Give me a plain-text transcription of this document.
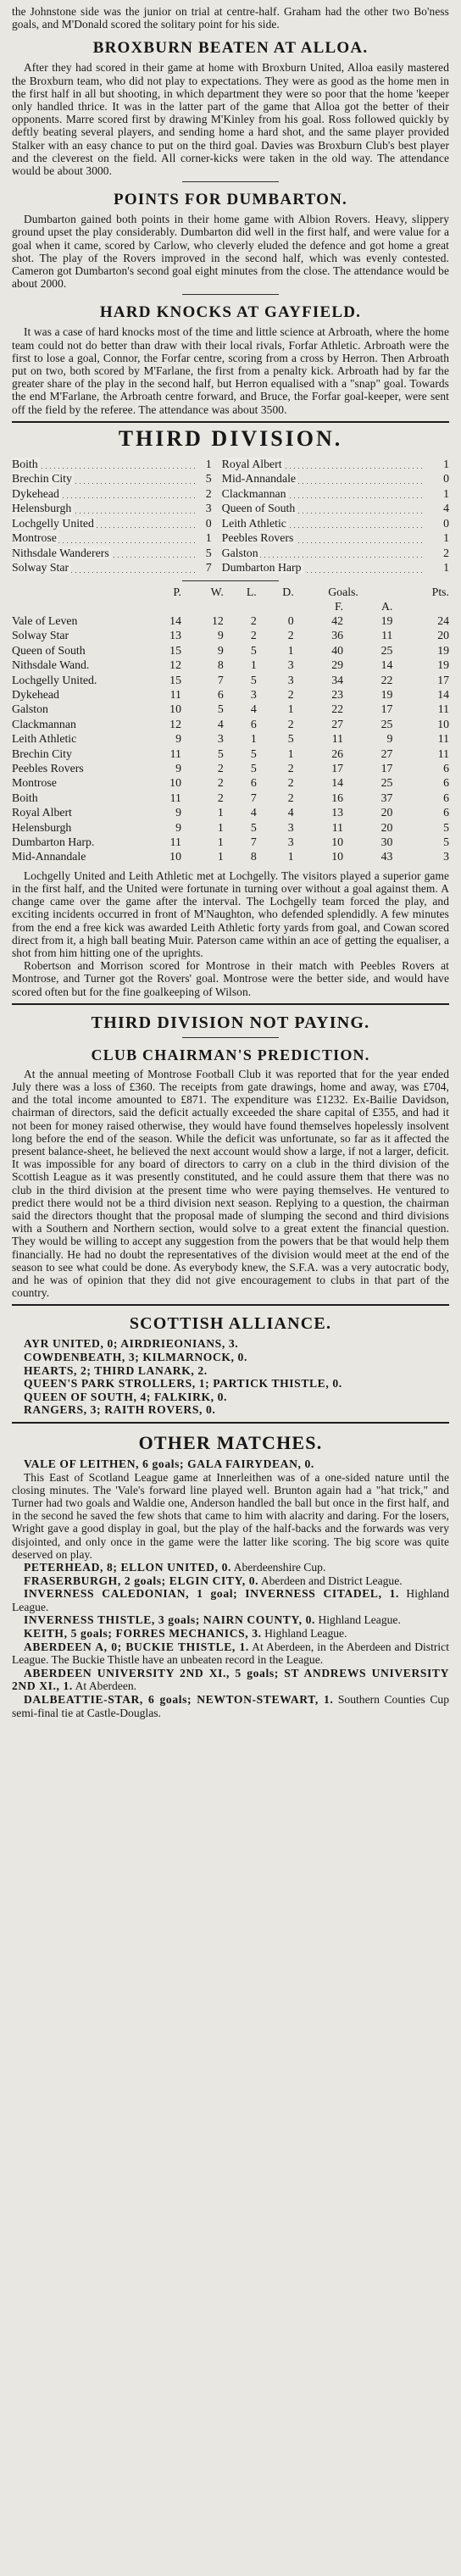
the Johnstone side was the junior on trial at centre-half. Graham had the other two Bo'ness goals, and M'Donald scored the solitary point for his side.

BROXBURN BEATEN AT ALLOA.

After they had scored in their game at home with Broxburn United, Alloa easily mastered the Broxburn team, who did not play to expectations. They were as good as the home men in the first half in all but shooting, in which department they were so poor that the home 'keeper only handled thrice. It was in the latter part of the game that Alloa got the better of their opponents. Marre scored first by drawing M'Kinley from his goal. Ross followed quickly by deftly beating several players, and sending home a hard shot, and the same player provided Stalker with an easy chance to put on the third goal. Davies was Broxburn Club's best player and the cleverest on the field. All corner-kicks were taken in the old way. The attendance would be about 3000.

POINTS FOR DUMBARTON.

Dumbarton gained both points in their home game with Albion Rovers. Heavy, slippery ground upset the play considerably. Dumbarton did well in the first half, and were value for a goal when it came, scored by Carlow, who cleverly eluded the defence and got home a great shot. The play of the Rovers improved in the second half, which was evenly contested. Cameron got Dumbarton's second goal eight minutes from the close. The attendance would be about 2000.

HARD KNOCKS AT GAYFIELD.

It was a case of hard knocks most of the time and little science at Arbroath, where the home team could not do better than draw with their local rivals, Forfar Athletic. Arbroath were the first to lose a goal, Connor, the Forfar centre, scoring from a cross by Herron. Then Arbroath put on two, both scored by M'Farlane, the first from a penalty kick. Arbroath had by far the greater share of the play in the second half, but Herron equalised with a "snap" goal. Towards the end M'Farlane, the Arbroath centre forward, and Bruce, the Forfar goal-keeper, were sent off the field by the referee. The attendance was about 3500.

THIRD DIVISION.
Boith	1	Royal Albert	1
Brechin City	5	Mid-Annandale	0
Dykehead	2	Clackmannan	1
Helensburgh	3	Queen of South	4
Lochgelly United	0	Leith Athletic	0
Montrose	1	Peebles Rovers	1
Nithsdale Wanderers	5	Galston	2
Solway Star	7	Dumbarton Harp	1
	P.	W.	L.	D.	Goals.		Pts.
					F.	A.	
Vale of Leven	14	12	2	0	42	19	24
Solway Star	13	9	2	2	36	11	20
Queen of South	15	9	5	1	40	25	19
Nithsdale Wand.	12	8	1	3	29	14	19
Lochgelly United.	15	7	5	3	34	22	17
Dykehead	11	6	3	2	23	19	14
Galston	10	5	4	1	22	17	11
Clackmannan	12	4	6	2	27	25	10
Leith Athletic	9	3	1	5	11	9	11
Brechin City	11	5	5	1	26	27	11
Peebles Rovers	9	2	5	2	17	17	6
Montrose	10	2	6	2	14	25	6
Boith	11	2	7	2	16	37	6
Royal Albert	9	1	4	4	13	20	6
Helensburgh	9	1	5	3	11	20	5
Dumbarton Harp.	11	1	7	3	10	30	5
Mid-Annandale	10	1	8	1	10	43	3

Lochgelly United and Leith Athletic met at Lochgelly. The visitors played a superior game in the first half, and the United were fortunate in turning over without a goal against them. A change came over the game after the interval. The Lochgelly team forced the play, and exciting incidents occurred in front of M'Naughton, who defended splendidly. A few minutes from the end a free kick was awarded Leith Athletic forty yards from goal, and Cowan scored direct from it, a high ball beating Muir. Paterson came within an ace of getting the equaliser, a shot from him hitting one of the uprights.

Robertson and Morrison scored for Montrose in their match with Peebles Rovers at Montrose, and Turner got the Rovers' goal. Montrose were the better side, and would have scored often but for the fine goalkeeping of Wilson.

THIRD DIVISION NOT PAYING.
CLUB CHAIRMAN'S PREDICTION.

At the annual meeting of Montrose Football Club it was reported that for the year ended July there was a loss of £360. The receipts from gate drawings, home and away, was £704, and the total income amounted to £871. The expenditure was £1232. Ex-Bailie Davidson, chairman of directors, said the deficit actually exceeded the share capital of £355, and had it not been for money raised otherwise, they would have found themselves hopelessly insolvent long before the end of the season. While the deficit was unfortunate, so far as it affected the present balance-sheet, he believed the next account would show a large, if not a larger, deficit. It was impossible for any board of directors to carry on a club in the third division of the Scottish League as it was presently constituted, and he could assure them that there was no club in the third division at the present time who were paying themselves. He ventured to predict there would not be a third division next season. Replying to a question, the chairman said the directors thought that the proposal made of slumping the second and third divisions with a Southern and Northern section, would solve to a great extent the financial question. They would be willing to accept any suggestion from the powers that be that would help them financially. He had no doubt the representatives of the division would meet at the end of the season to see what could be done. As everybody knew, the S.F.A. was a very autocratic body, and he was of opinion that they did not give encouragement to clubs in that part of the country.

SCOTTISH ALLIANCE.

AYR UNITED, 0; AIRDRIEONIANS, 3.

COWDENBEATH, 3; KILMARNOCK, 0.

HEARTS, 2; THIRD LANARK, 2.

QUEEN'S PARK STROLLERS, 1; PARTICK THISTLE, 0.

QUEEN OF SOUTH, 4; FALKIRK, 0.

RANGERS, 3; RAITH ROVERS, 0.

OTHER MATCHES.

VALE OF LEITHEN, 6 goals; GALA FAIRYDEAN, 0.

This East of Scotland League game at Innerleithen was of a one-sided nature until the closing minutes. The 'Vale's forward line played well. Brunton again had a "hat trick," and Turner had two goals and Waldie one, Anderson handled the ball but once in the first half, and in the second he saved the few shots that came to him with alacrity and daring. For the losers, Wright gave a good display in goal, but the play of the half-backs and the forwards was very disjointed, and only once in the game were the latter like scoring. The big score was quite deserved on play.

PETERHEAD, 8; ELLON UNITED, 0. Aberdeenshire Cup.

FRASERBURGH, 2 goals; ELGIN CITY, 0. Aberdeen and District League.

INVERNESS CALEDONIAN, 1 goal; INVERNESS CITADEL, 1. Highland League.

INVERNESS THISTLE, 3 goals; NAIRN COUNTY, 0. Highland League.

KEITH, 5 goals; FORRES MECHANICS, 3. Highland League.

ABERDEEN A, 0; BUCKIE THISTLE, 1. At Aberdeen, in the Aberdeen and District League. The Buckie Thistle have an unbeaten record in the League.

ABERDEEN UNIVERSITY 2ND XI., 5 goals; ST ANDREWS UNIVERSITY 2ND XI., 1. At Aberdeen.

DALBEATTIE-STAR, 6 goals; NEWTON-STEWART, 1. Southern Counties Cup semi-final tie at Castle-Douglas.
